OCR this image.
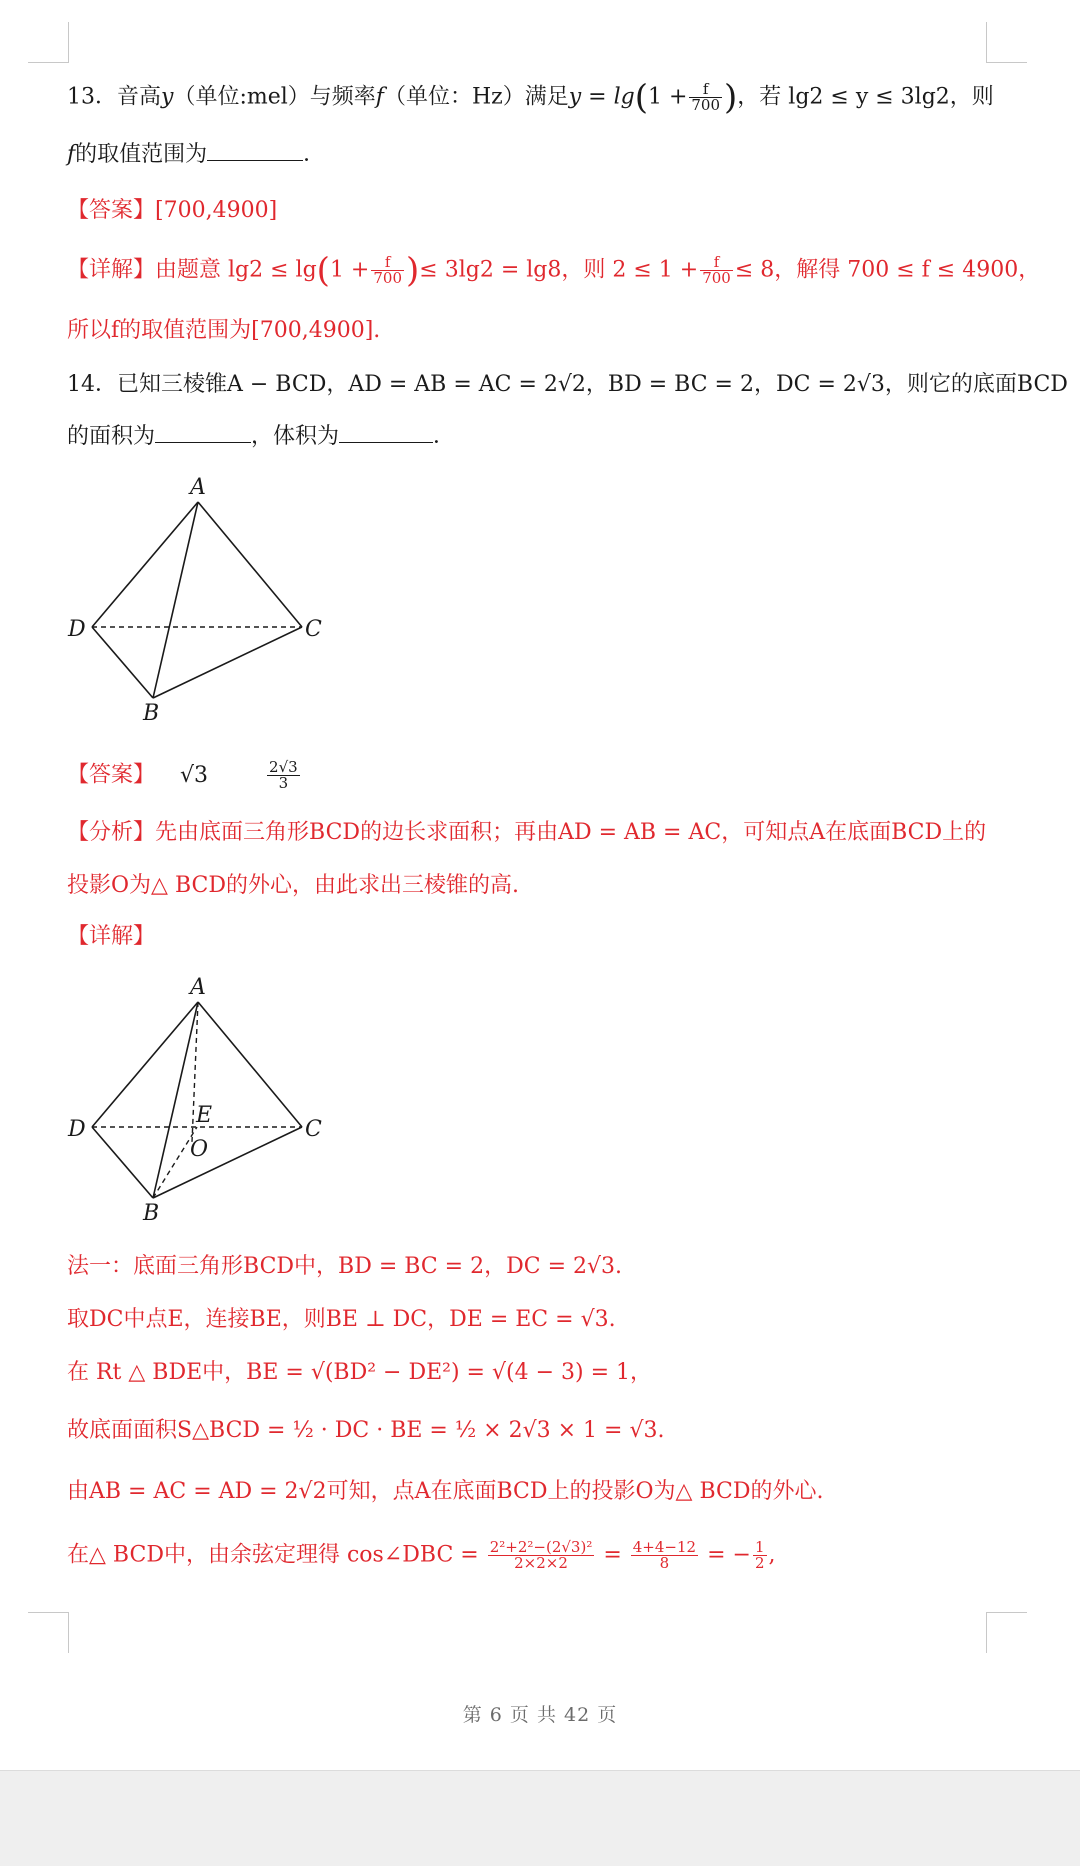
13．音高y（单位:mel）与频率f（单位：Hz）满足$y = \lg(1 + \frac{f}{700}$ )，若 lg2 ≤ y ≤ 3lg2，则
f的取值范围为	．
【答案】[700,4900]
【详解】由题意 $\lg 2 \le \lg(1 + \frac{f}{700}$ )≤ 3lg2 = lg8，则 $2 \le 1 + \frac{f}{700} \le 8$，解得 700 ≤ f ≤ 4900，
所以f的取值范围为[700,4900].
14．已知三棱锥A − BCD，AD = AB = AC = 2√2，BD = BC = 2，DC = 2√3，则它的底面BCD
的面积为	，体积为	．
A
D	C
B
【答案】 √3	$\frac{2√3}{3}$
【分析】先由底面三角形BCD的边长求面积；再由AD = AB = AC，可知点A在底面BCD上的
投影O为△ BCD的外心，由此求出三棱锥的高.
【详解】
A
D	C
B
E
O
法一：底面三角形BCD中，BD = BC = 2，DC = 2√3.
取DC中点E，连接BE，则BE ⊥ DC，DE = EC = √3.
在 Rt △ BDE中，BE = √(BD² − DE²) = √(4 − 3) = 1，
故底面面积S△BCD = ½ · DC · BE = ½ × 2√3 × 1 = √3.
由AB = AC = AD = 2√2可知，点A在底面BCD上的投影O为△ BCD的外心.
在△ BCD中，由余弦定理得 cos∠DBC = $\frac{\text{2²+2²−(2√3)²}}{2\times 2\times 2} = \frac{4+4-12}{8}$ = − $\frac{1}{2}$ ,
第 6 页 共 42 页
